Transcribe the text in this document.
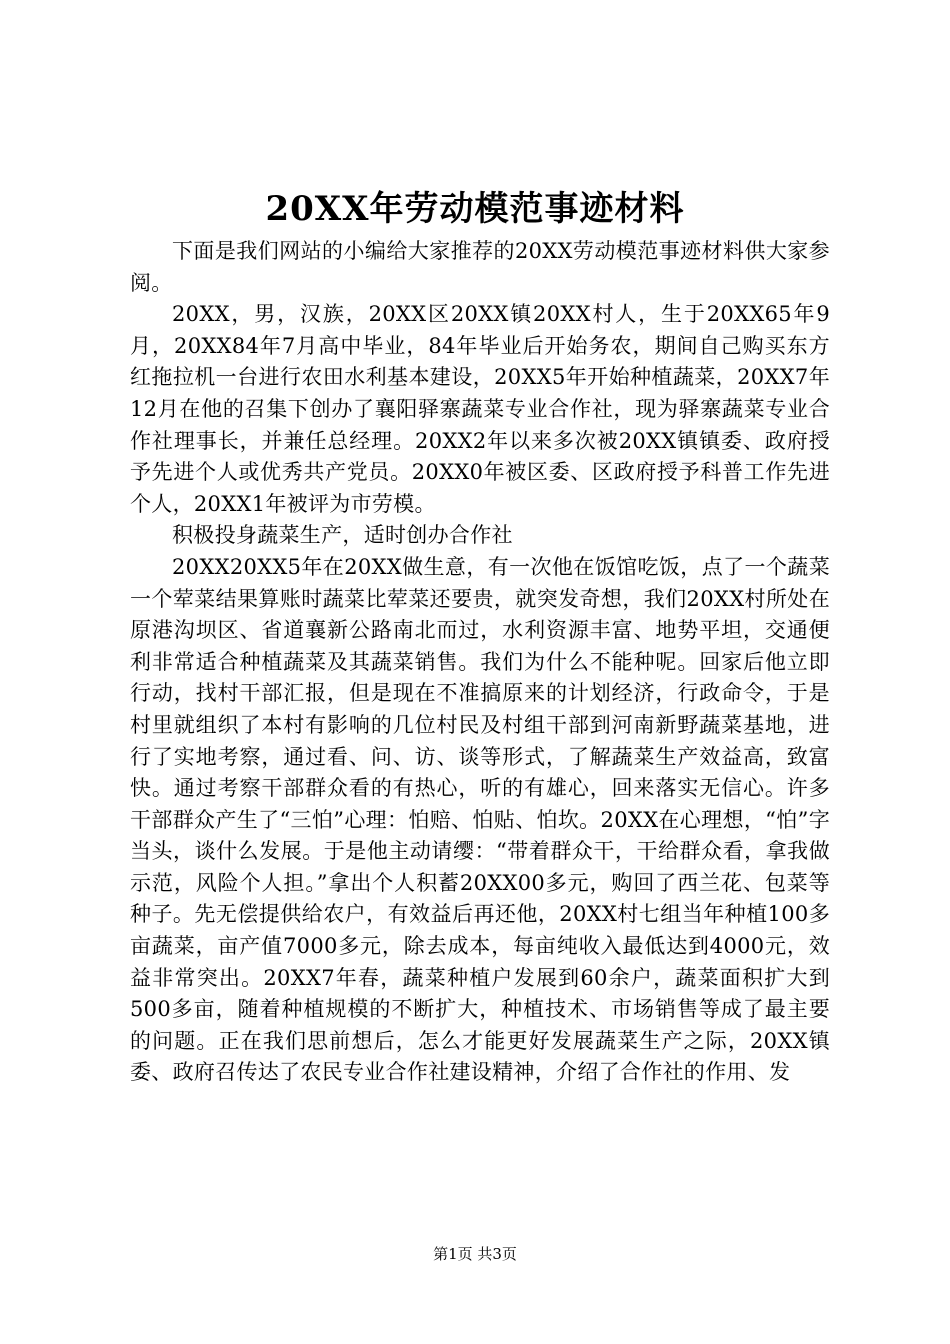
20XX年劳动模范事迹材料

下面是我们网站的小编给大家推荐的20XX劳动模范事迹材料供大家参阅。

20XX，男，汉族，20XX区20XX镇20XX村人，生于20XX65年9月，20XX84年7月高中毕业，84年毕业后开始务农，期间自己购买东方红拖拉机一台进行农田水利基本建设，20XX5年开始种植蔬菜，20XX7年12月在他的召集下创办了襄阳驿寨蔬菜专业合作社，现为驿寨蔬菜专业合作社理事长，并兼任总经理。20XX2年以来多次被20XX镇镇委、政府授予先进个人或优秀共产党员。20XX0年被区委、区政府授予科普工作先进个人，20XX1年被评为市劳模。

积极投身蔬菜生产，适时创办合作社

20XX20XX5年在20XX做生意，有一次他在饭馆吃饭，点了一个蔬菜一个荤菜结果算账时蔬菜比荤菜还要贵，就突发奇想，我们20XX村所处在原港沟坝区、省道襄新公路南北而过，水利资源丰富、地势平坦，交通便利非常适合种植蔬菜及其蔬菜销售。我们为什么不能种呢。回家后他立即行动，找村干部汇报，但是现在不准搞原来的计划经济，行政命令，于是村里就组织了本村有影响的几位村民及村组干部到河南新野蔬菜基地，进行了实地考察，通过看、问、访、谈等形式，了解蔬菜生产效益高，致富快。通过考察干部群众看的有热心，听的有雄心，回来落实无信心。许多干部群众产生了“三怕”心理：怕赔、怕贴、怕坎。20XX在心理想，“怕”字当头，谈什么发展。于是他主动请缨：“带着群众干，干给群众看，拿我做示范，风险个人担。”拿出个人积蓄20XX00多元，购回了西兰花、包菜等种子。先无偿提供给农户，有效益后再还他，20XX村七组当年种植100多亩蔬菜，亩产值7000多元，除去成本，每亩纯收入最低达到4000元，效益非常突出。20XX7年春，蔬菜种植户发展到60余户，蔬菜面积扩大到500多亩，随着种植规模的不断扩大，种植技术、市场销售等成了最主要的问题。正在我们思前想后，怎么才能更好发展蔬菜生产之际，20XX镇委、政府召传达了农民专业合作社建设精神，介绍了合作社的作用、发

第1页 共3页
